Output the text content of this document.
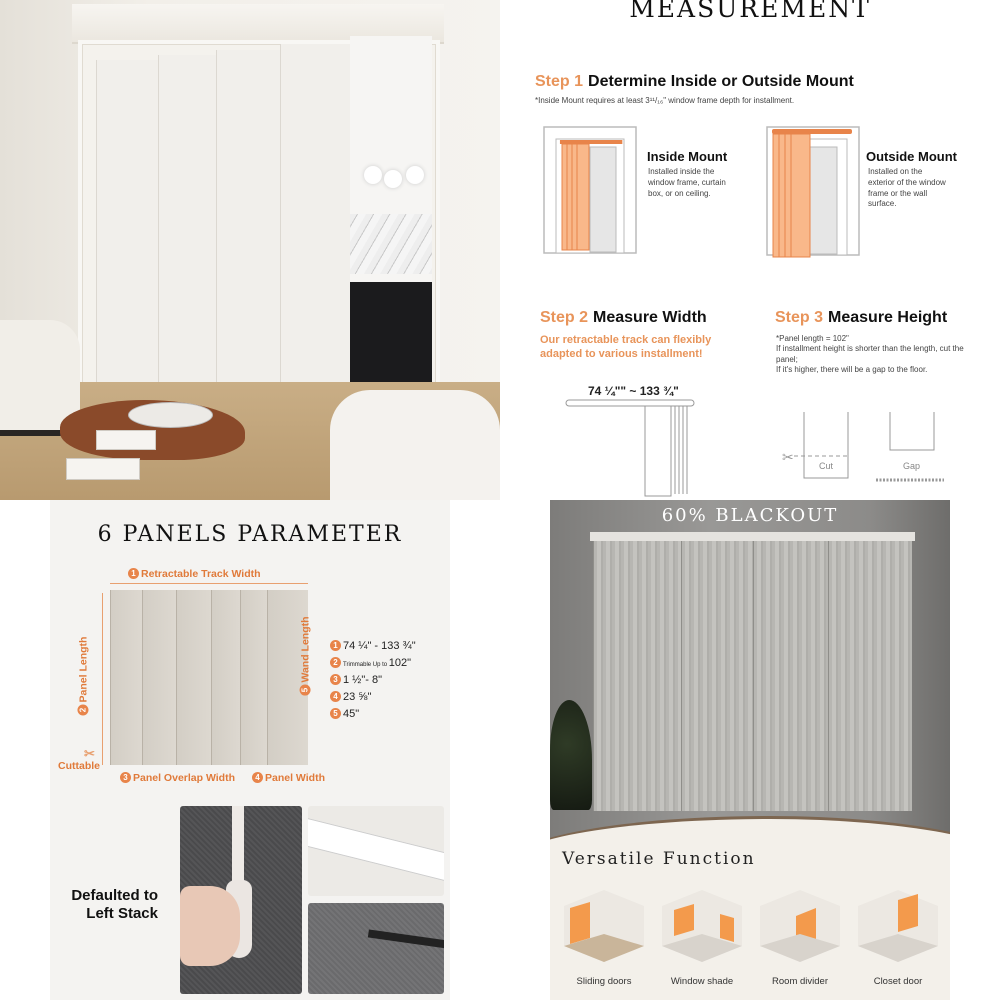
MEASUREMENT
Step 1 Determine Inside or Outside Mount
*Inside Mount requires at least 3¹¹/₁₆" window frame depth for installment.
Inside Mount
Installed inside the window frame, curtain box, or on ceiling.
Outside Mount
Installed on the exterior of the window frame or the wall surface.
Step 2 Measure Width
Our retractable track can flexibly adapted to various installment!
74 ¼"" ~ 133 ¾"
Step 3 Measure Height
*Panel length = 102"
If installment height is shorter than the length, cut the panel;
If it's higher, there will be a gap to the floor.
✂
Cut	Gap
6 PANELS PARAMETER
1 Retractable Track Width
2Panel Length	5Wand Length
✂
Cuttable
3 Panel Overlap Width	4 Panel Width
1 74 ¼" - 133 ¾"
2 Trimmable Up to 102"
3 1 ½"- 8"
4 23 ⅝"
5 45"
Defaulted to Left Stack
60% BLACKOUT
Versatile Function
Sliding doors	Window shade	Room divider	Closet door
